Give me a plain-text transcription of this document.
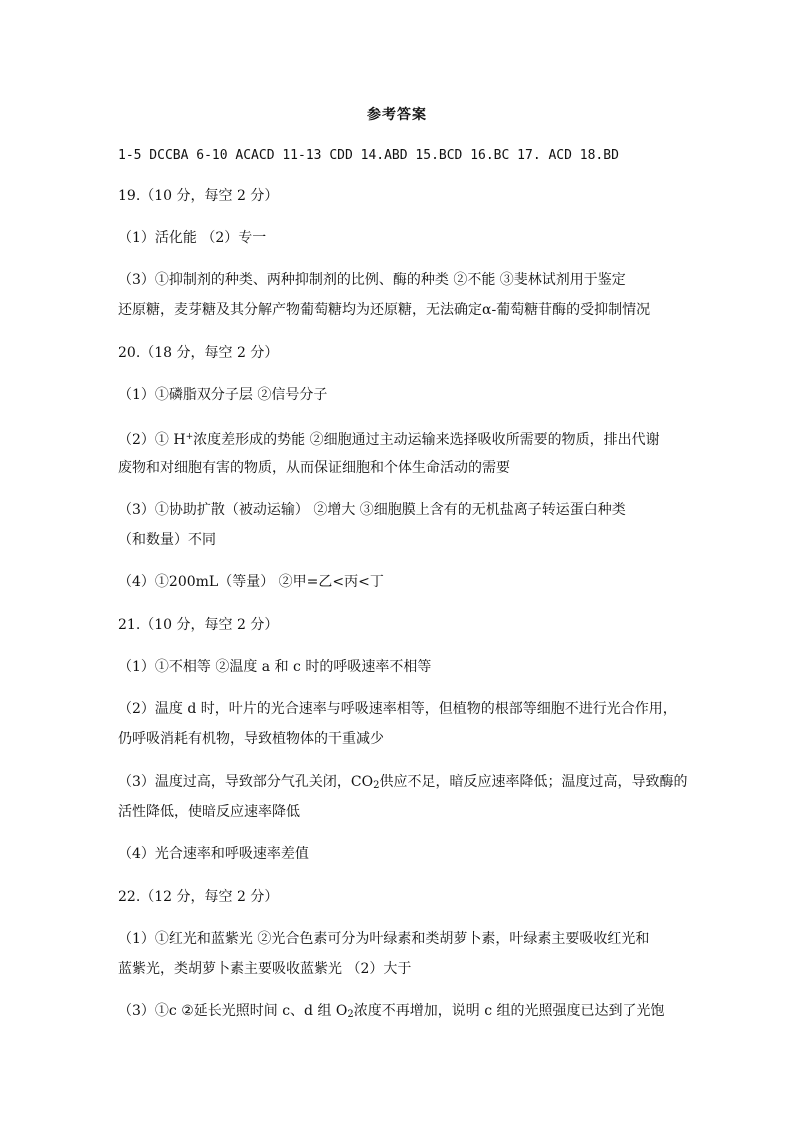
参考答案
1-5 DCCBA 6-10 ACACD 11-13 CDD 14.ABD 15.BCD 16.BC 17. ACD 18.BD
19.（10 分，每空 2 分）
（1）活化能 （2）专一
（3）①抑制剂的种类、两种抑制剂的比例、酶的种类 ②不能 ③斐林试剂用于鉴定
还原糖，麦芽糖及其分解产物葡萄糖均为还原糖，无法确定α-葡萄糖苷酶的受抑制情况
20.（18 分，每空 2 分）
（1）①磷脂双分子层 ②信号分子
（2）① H+浓度差形成的势能 ②细胞通过主动运输来选择吸收所需要的物质，排出代谢
废物和对细胞有害的物质，从而保证细胞和个体生命活动的需要
（3）①协助扩散（被动运输） ②增大 ③细胞膜上含有的无机盐离子转运蛋白种类
（和数量）不同
（4）①200mL（等量） ②甲=乙<丙<丁
21.（10 分，每空 2 分）
（1）①不相等 ②温度 a 和 c 时的呼吸速率不相等
（2）温度 d 时，叶片的光合速率与呼吸速率相等，但植物的根部等细胞不进行光合作用，
仍呼吸消耗有机物，导致植物体的干重减少
（3）温度过高，导致部分气孔关闭，$CO_2$供应不足，暗反应速率降低；温度过高，导致酶的
活性降低，使暗反应速率降低
（4）光合速率和呼吸速率差值
22.（12 分，每空 2 分）
（1）①红光和蓝紫光 ②光合色素可分为叶绿素和类胡萝卜素，叶绿素主要吸收红光和
蓝紫光，类胡萝卜素主要吸收蓝紫光 （2）大于
（3）①c ②延长光照时间 c、d 组 $O_2$浓度不再增加，说明 c 组的光照强度已达到了光饱
